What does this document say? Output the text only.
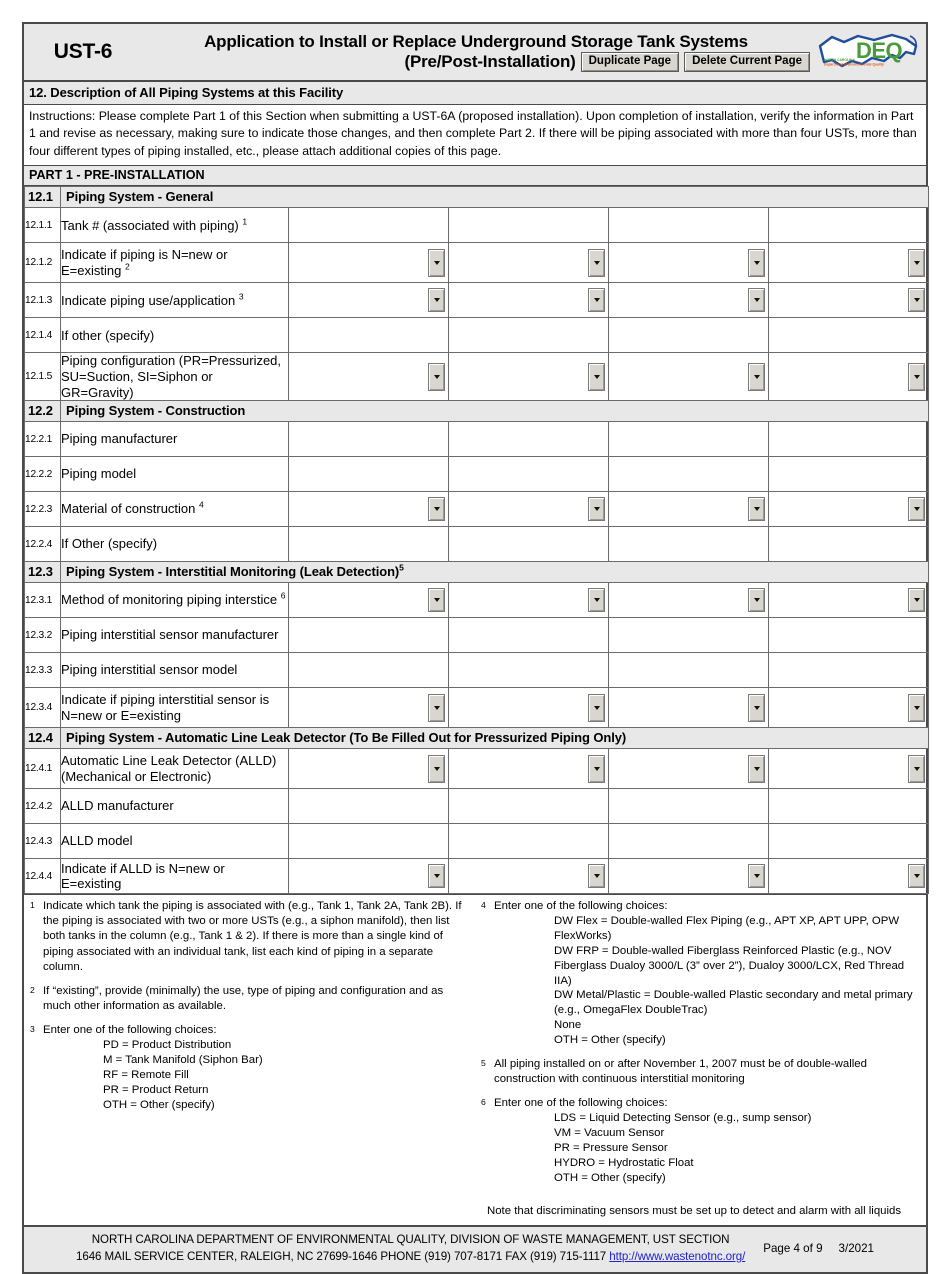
UST-6	Application to Install or Replace Underground Storage Tank Systems
(Pre/Post-Installation)	Duplicate Page	Delete Current Page	DEQ
NORTH CAROLINA
Department of Environmental Quality
12. Description of All Piping Systems at this Facility
Instructions: Please complete Part 1 of this Section when submitting a UST-6A (proposed installation). Upon completion of installation, verify the information in Part 1 and revise as necessary, making sure to indicate those changes, and then complete Part 2. If there will be piping associated with more than four USTs, more than four different types of piping installed, etc., please attach additional copies of this page.
PART 1 - PRE-INSTALLATION
12.1	Piping System - General				
12.1.1	Tank # (associated with piping) $^1$				
12.1.2	Indicate if piping is N=new or E=existing $^2$	

12.1.3	Indicate piping use/application $^3$	

12.1.4	If other (specify)				
12.1.5	Piping configuration (PR=Pressurized, SU=Suction, SI=Siphon or GR=Gravity)	

12.2	Piping System - Construction				
12.2.1	Piping manufacturer				
12.2.2	Piping model				
12.2.3	Material of construction $^4$	

12.2.4	If Other (specify)				
12.3	Piping System - Interstitial Monitoring (Leak Detection)$^5$
12.3.1	Method of monitoring piping interstice $^6$	

12.3.2	Piping interstitial sensor manufacturer				
12.3.3	Piping interstitial sensor model				
12.3.4	Indicate if piping interstitial sensor is N=new or E=existing	

12.4	Piping System - Automatic Line Leak Detector (To Be Filled Out for Pressurized Piping Only)				
12.4.1	Automatic Line Leak Detector (ALLD) (Mechanical or Electronic)	

12.4.2	ALLD manufacturer				
12.4.3	ALLD model				
12.4.4	Indicate if ALLD is N=new or E=existing	

1 Indicate which tank the piping is associated with (e.g., Tank 1, Tank 2A, Tank 2B). If the piping is associated with two or more USTs (e.g., a siphon manifold), then list both tanks in the column (e.g., Tank 1 & 2). If there is more than a single kind of piping associated with an individual tank, list each kind of piping in a separate column.
2 If “existing”, provide (minimally) the use, type of piping and configuration and as much other information as available.
3 Enter one of the following choices:
PD = Product Distribution
M = Tank Manifold (Siphon Bar)
RF = Remote Fill
PR = Product Return
OTH = Other (specify)
4 Enter one of the following choices:
DW Flex = Double-walled Flex Piping (e.g., APT XP, APT UPP, OPW FlexWorks)
DW FRP = Double-walled Fiberglass Reinforced Plastic (e.g., NOV Fiberglass Dualoy 3000/L (3” over 2”), Dualoy 3000/LCX, Red Thread IIA)
DW Metal/Plastic = Double-walled Plastic secondary and metal primary (e.g., OmegaFlex DoubleTrac)
None
OTH = Other (specify)
5 All piping installed on or after November 1, 2007 must be of double-walled construction with continuous interstitial monitoring
6 Enter one of the following choices:
LDS = Liquid Detecting Sensor (e.g., sump sensor)
VM = Vacuum Sensor
PR = Pressure Sensor
HYDRO = Hydrostatic Float
OTH = Other (specify)
Note that discriminating sensors must be set up to detect and alarm with all liquids
NORTH CAROLINA DEPARTMENT OF ENVIRONMENTAL QUALITY, DIVISION OF WASTE MANAGEMENT, UST SECTION
1646 MAIL SERVICE CENTER, RALEIGH, NC 27699-1646 PHONE (919) 707-8171 FAX (919) 715-1117 http://www.wastenotnc.org/
Page 4 of 9 3/2021
